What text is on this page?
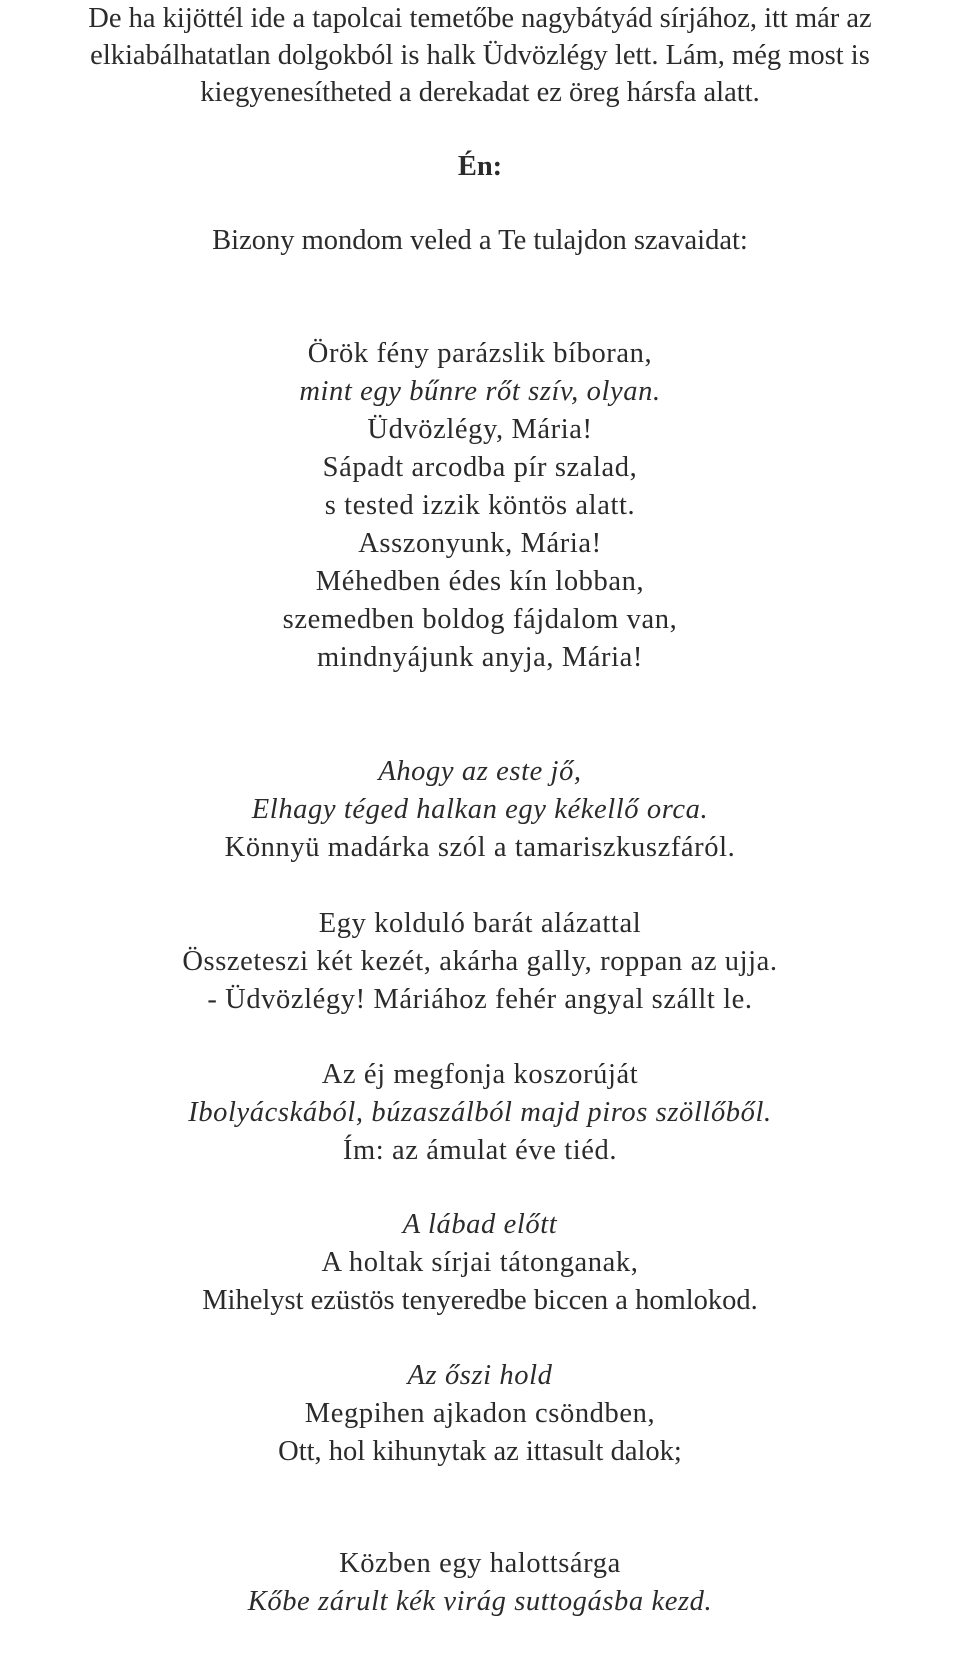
De ha kijöttél ide a tapolcai temetőbe nagybátyád sírjához, itt már az
elkiabálhatatlan dolgokból is halk Üdvözlégy lett. Lám, még most is
kiegyenesítheted a derekadat ez öreg hársfa alatt.
Én:
Bizony mondom veled a Te tulajdon szavaidat:
Örök fény parázslik bíboran,
mint egy bűnre rőt szív, olyan.
Üdvözlégy, Mária!
Sápadt arcodba pír szalad,
s tested izzik köntös alatt.
Asszonyunk, Mária!
Méhedben édes kín lobban,
szemedben boldog fájdalom van,
mindnyájunk anyja, Mária!
Ahogy az este jő,
Elhagy téged halkan egy kékellő orca.
Könnyü madárka szól a tamariszkuszfáról.
Egy kolduló barát alázattal
Összeteszi két kezét, akárha gally, roppan az ujja.
- Üdvözlégy! Máriához fehér angyal szállt le.
Az éj megfonja koszorúját
Ibolyácskából, búzaszálból majd piros szöllőből.
Ím: az ámulat éve tiéd.
A lábad előtt
A holtak sírjai tátonganak,
Mihelyst ezüstös tenyeredbe biccen a homlokod.
Az őszi hold
Megpihen ajkadon csöndben,
Ott, hol kihunytak az ittasult dalok;
Közben egy halottsárga
Kőbe zárult kék virág suttogásba kezd.
